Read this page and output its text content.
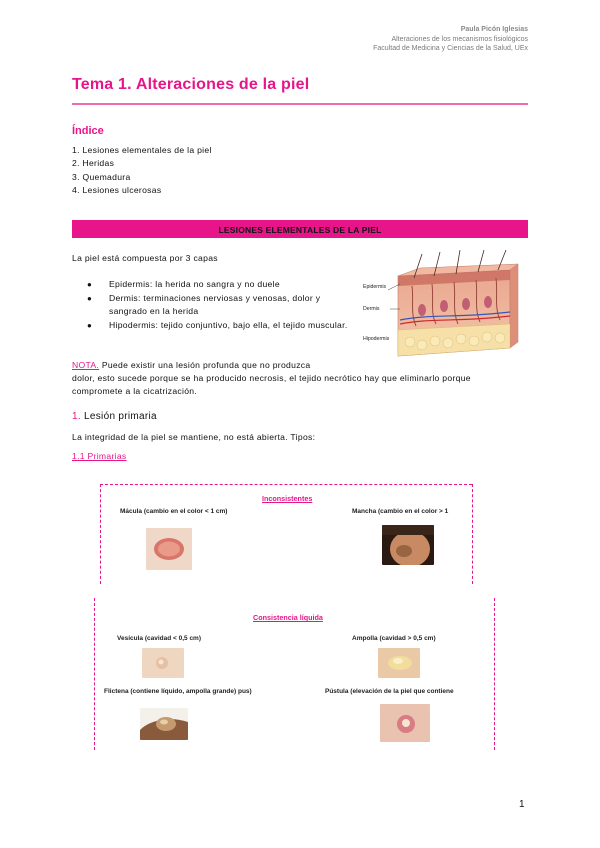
Paula Picón Iglesias
Alteraciones de los mecanismos fisiológicos
Facultad de Medicina y Ciencias de la Salud, UEx
Tema 1. Alteraciones de la piel
Índice
1. Lesiones elementales de la piel
2. Heridas
3. Quemadura
4. Lesiones ulcerosas
LESIONES ELEMENTALES DE LA PIEL
La piel está compuesta por 3 capas
● Epidermis: la herida no sangra y no duele
● Dermis: terminaciones nerviosas y venosas, dolor y sangrado en la herida
● Hipodermis: tejido conjuntivo, bajo ella, el tejido muscular.
Epidermis
Dermis
Hipodermis
NOTA. Puede existir una lesión profunda que no produzca
dolor, esto sucede porque se ha producido necrosis, el tejido necrótico hay que eliminarlo porque
compromete a la cicatrización.
1. Lesión primaria
La integridad de la piel se mantiene, no está abierta. Tipos:
1.1 Primarias
Inconsistentes
Mácula (cambio en el color < 1 cm)	Mancha (cambio en el color > 1
Consistencia líquida
Vesícula (cavidad < 0,5 cm)	Ampolla (cavidad > 0,5 cm)
Flictena (contiene líquido, ampolla grande) pus)	Pústula (elevación de la piel que contiene
1
